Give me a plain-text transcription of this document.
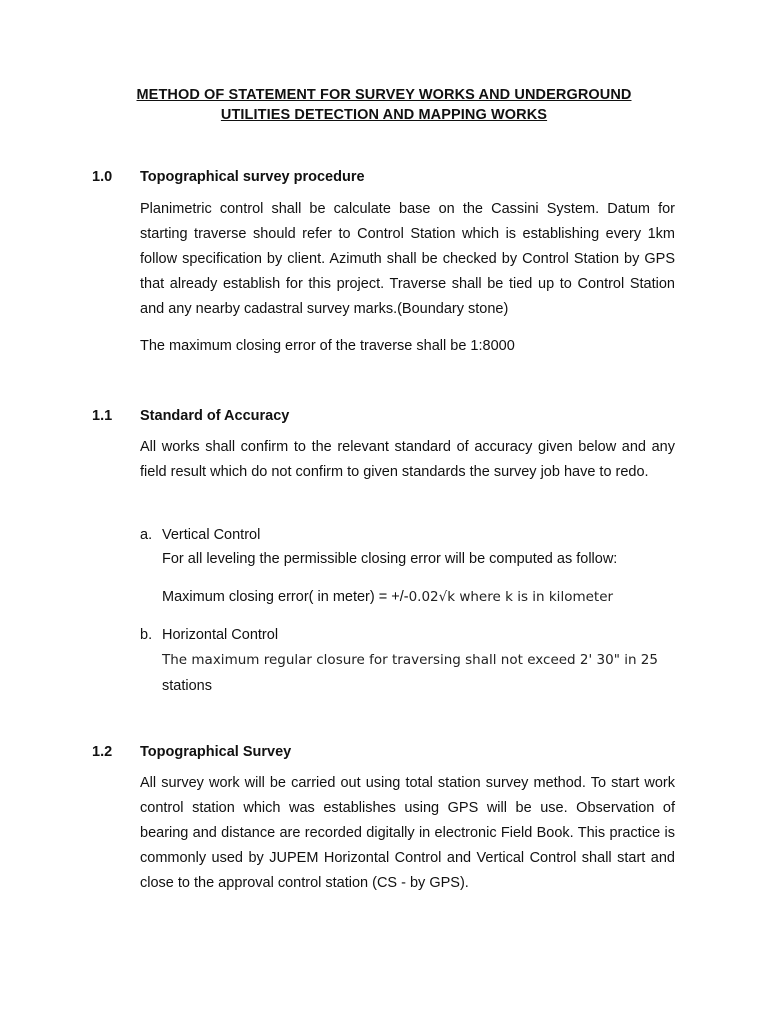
METHOD OF STATEMENT FOR SURVEY WORKS AND UNDERGROUND
UTILITIES DETECTION AND MAPPING WORKS
1.0 Topographical survey procedure
Planimetric control shall be calculate base on the Cassini System. Datum for starting traverse should refer to Control Station which is establishing every 1km follow specification by client. Azimuth shall be checked by Control Station by GPS that already establish for this project. Traverse shall be tied up to Control Station and any nearby cadastral survey marks.(Boundary stone)
The maximum closing error of the traverse shall be 1:8000
1.1 Standard of Accuracy
All works shall confirm to the relevant standard of accuracy given below and any field result which do not confirm to given standards the survey job have to redo.
a. Vertical Control
For all leveling the permissible closing error will be computed as follow:
Maximum closing error( in meter) = +/-0.02√k where k is in kilometer
b. Horizontal Control
The maximum regular closure for traversing shall not exceed 2' 30" in 25
stations
1.2 Topographical Survey
All survey work will be carried out using total station survey method. To start work control station which was establishes using GPS will be use. Observation of bearing and distance are recorded digitally in electronic Field Book. This practice is commonly used by JUPEM Horizontal Control and Vertical Control shall start and close to the approval control station (CS - by GPS).
